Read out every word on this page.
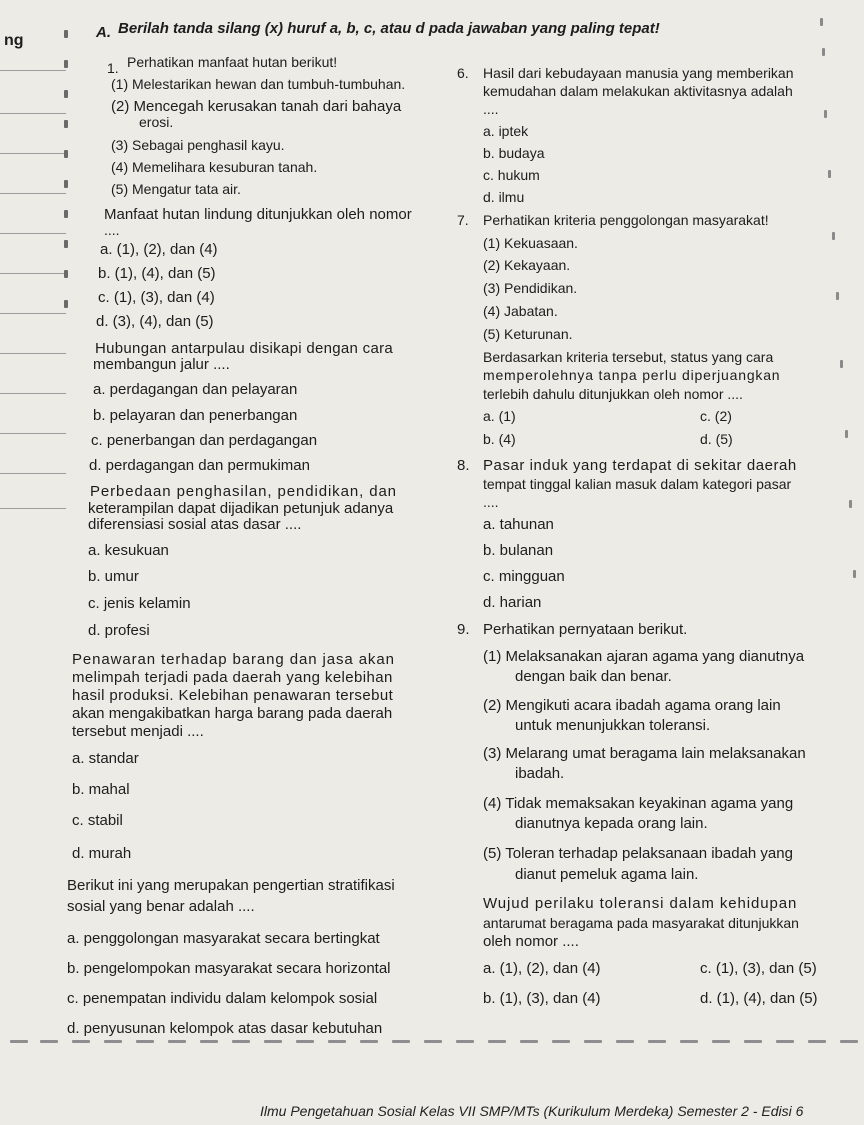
ng	A. Berilah tanda silang (x) huruf a, b, c, atau d pada jawaban yang paling tepat!
1. Perhatikan manfaat hutan berikut!
(1) Melestarikan hewan dan tumbuh-tumbuhan.
(2) Mencegah kerusakan tanah dari bahaya
erosi.
(3) Sebagai penghasil kayu.
(4) Memelihara kesuburan tanah.
(5) Mengatur tata air.
Manfaat hutan lindung ditunjukkan oleh nomor
....
a. (1), (2), dan (4)
b. (1), (4), dan (5)
c. (1), (3), dan (4)
d. (3), (4), dan (5)
Hubungan antarpulau disikapi dengan cara
membangun jalur ....
a. perdagangan dan pelayaran
b. pelayaran dan penerbangan
c. penerbangan dan perdagangan
d. perdagangan dan permukiman
Perbedaan penghasilan, pendidikan, dan
keterampilan dapat dijadikan petunjuk adanya
diferensiasi sosial atas dasar ....
a. kesukuan
b. umur
c. jenis kelamin
d. profesi
Penawaran terhadap barang dan jasa akan
melimpah terjadi pada daerah yang kelebihan
hasil produksi. Kelebihan penawaran tersebut
akan mengakibatkan harga barang pada daerah
tersebut menjadi ....
a. standar
b. mahal
c. stabil
d. murah
Berikut ini yang merupakan pengertian stratifikasi
sosial yang benar adalah ....
a. penggolongan masyarakat secara bertingkat
b. pengelompokan masyarakat secara horizontal
c. penempatan individu dalam kelompok sosial
d. penyusunan kelompok atas dasar kebutuhan
6. Hasil dari kebudayaan manusia yang memberikan
kemudahan dalam melakukan aktivitasnya adalah
....
a. iptek
b. budaya
c. hukum
d. ilmu
7. Perhatikan kriteria penggolongan masyarakat!
(1) Kekuasaan.
(2) Kekayaan.
(3) Pendidikan.
(4) Jabatan.
(5) Keturunan.
Berdasarkan kriteria tersebut, status yang cara
memperolehnya tanpa perlu diperjuangkan
terlebih dahulu ditunjukkan oleh nomor ....
a. (1)	c. (2)
b. (4)	d. (5)
8. Pasar induk yang terdapat di sekitar daerah
tempat tinggal kalian masuk dalam kategori pasar
....
a. tahunan
b. bulanan
c. mingguan
d. harian
9. Perhatikan pernyataan berikut.
(1) Melaksanakan ajaran agama yang dianutnya
dengan baik dan benar.
(2) Mengikuti acara ibadah agama orang lain
untuk menunjukkan toleransi.
(3) Melarang umat beragama lain melaksanakan
ibadah.
(4) Tidak memaksakan keyakinan agama yang
dianutnya kepada orang lain.
(5) Toleran terhadap pelaksanaan ibadah yang
dianut pemeluk agama lain.
Wujud perilaku toleransi dalam kehidupan
antarumat beragama pada masyarakat ditunjukkan
oleh nomor ....
a. (1), (2), dan (4)	c. (1), (3), dan (5)
b. (1), (3), dan (4)	d. (1), (4), dan (5)
Ilmu Pengetahuan Sosial Kelas VII SMP/MTs (Kurikulum Merdeka) Semester 2 - Edisi 6
